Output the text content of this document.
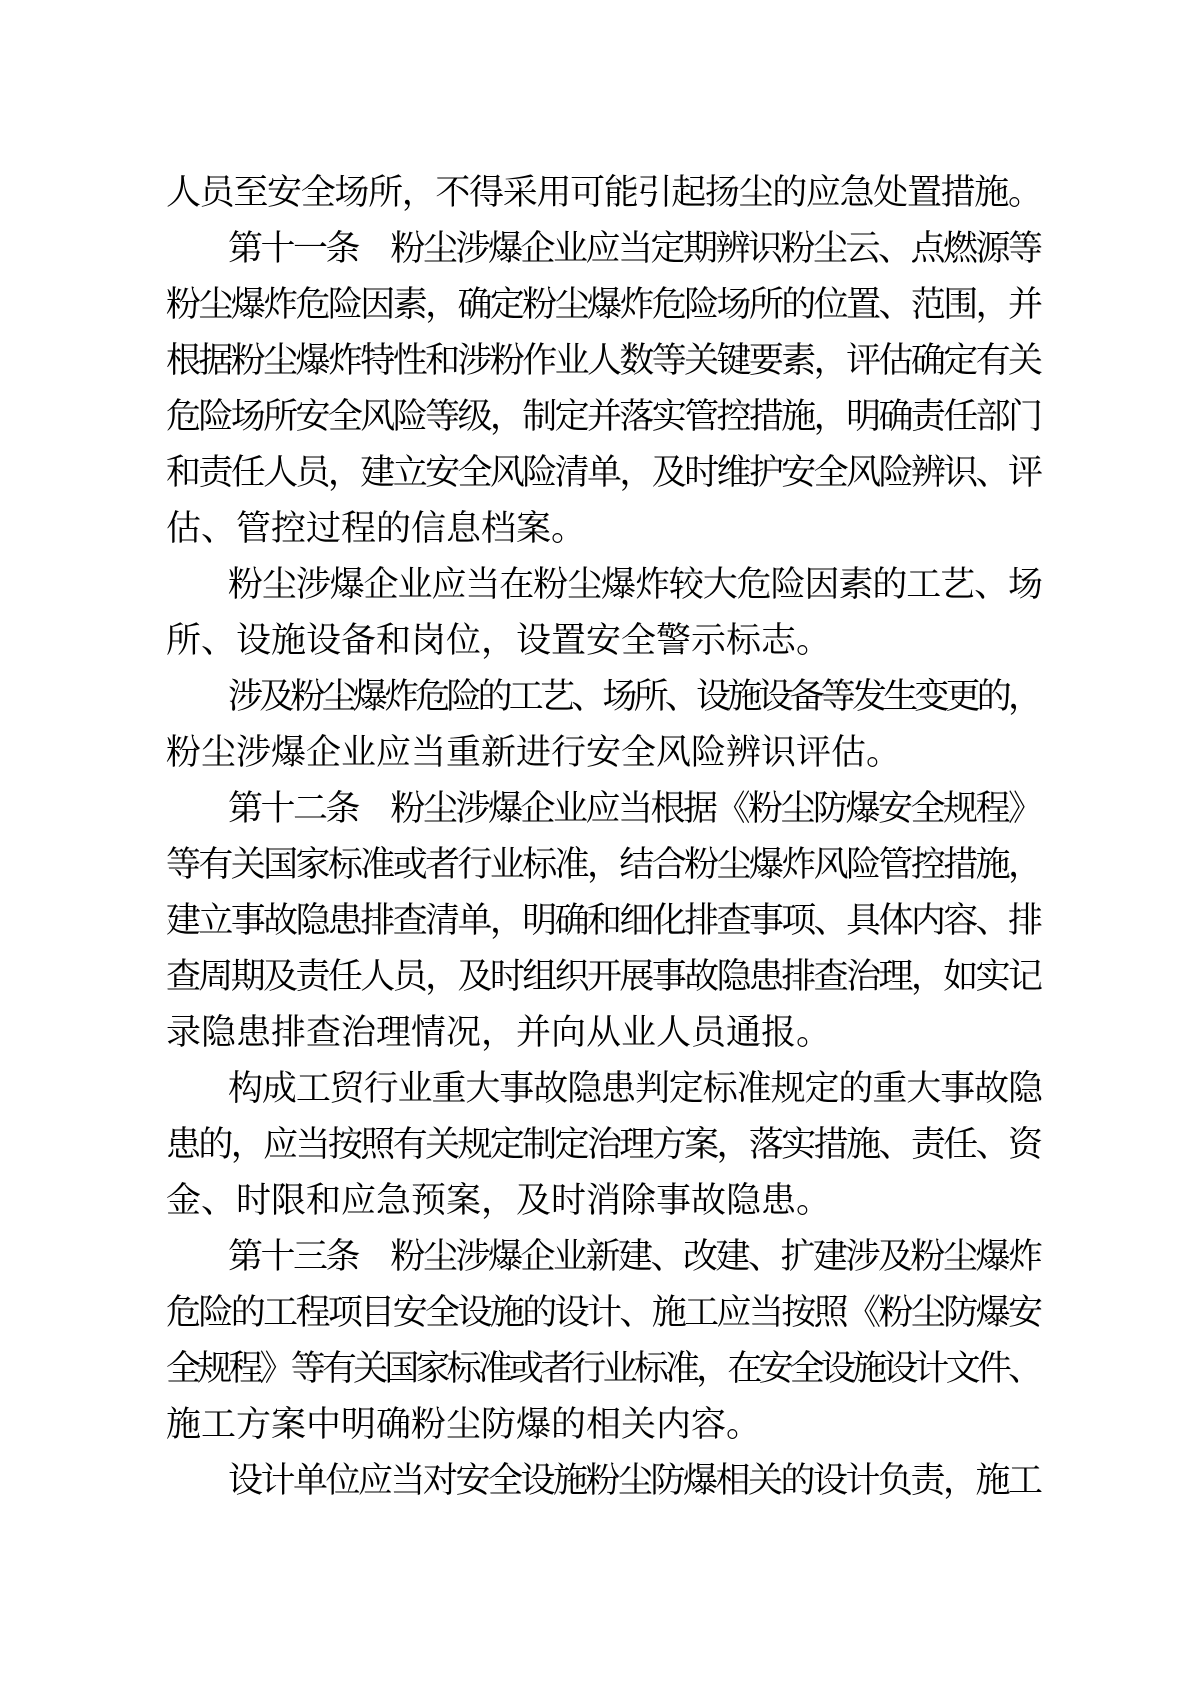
人员至安全场所，不得采用可能引起扬尘的应急处置措施。
第十一条　粉尘涉爆企业应当定期辨识粉尘云、点燃源等
粉尘爆炸危险因素，确定粉尘爆炸危险场所的位置、范围，并
根据粉尘爆炸特性和涉粉作业人数等关键要素，评估确定有关
危险场所安全风险等级，制定并落实管控措施，明确责任部门
和责任人员，建立安全风险清单，及时维护安全风险辨识、评
估、管控过程的信息档案。
粉尘涉爆企业应当在粉尘爆炸较大危险因素的工艺、场
所、设施设备和岗位，设置安全警示标志。
涉及粉尘爆炸危险的工艺、场所、设施设备等发生变更的，
粉尘涉爆企业应当重新进行安全风险辨识评估。
第十二条　粉尘涉爆企业应当根据《粉尘防爆安全规程》
等有关国家标准或者行业标准，结合粉尘爆炸风险管控措施，
建立事故隐患排查清单，明确和细化排查事项、具体内容、排
查周期及责任人员，及时组织开展事故隐患排查治理，如实记
录隐患排查治理情况，并向从业人员通报。
构成工贸行业重大事故隐患判定标准规定的重大事故隐
患的，应当按照有关规定制定治理方案，落实措施、责任、资
金、时限和应急预案，及时消除事故隐患。
第十三条　粉尘涉爆企业新建、改建、扩建涉及粉尘爆炸
危险的工程项目安全设施的设计、施工应当按照《粉尘防爆安
全规程》等有关国家标准或者行业标准，在安全设施设计文件、
施工方案中明确粉尘防爆的相关内容。
设计单位应当对安全设施粉尘防爆相关的设计负责，施工
